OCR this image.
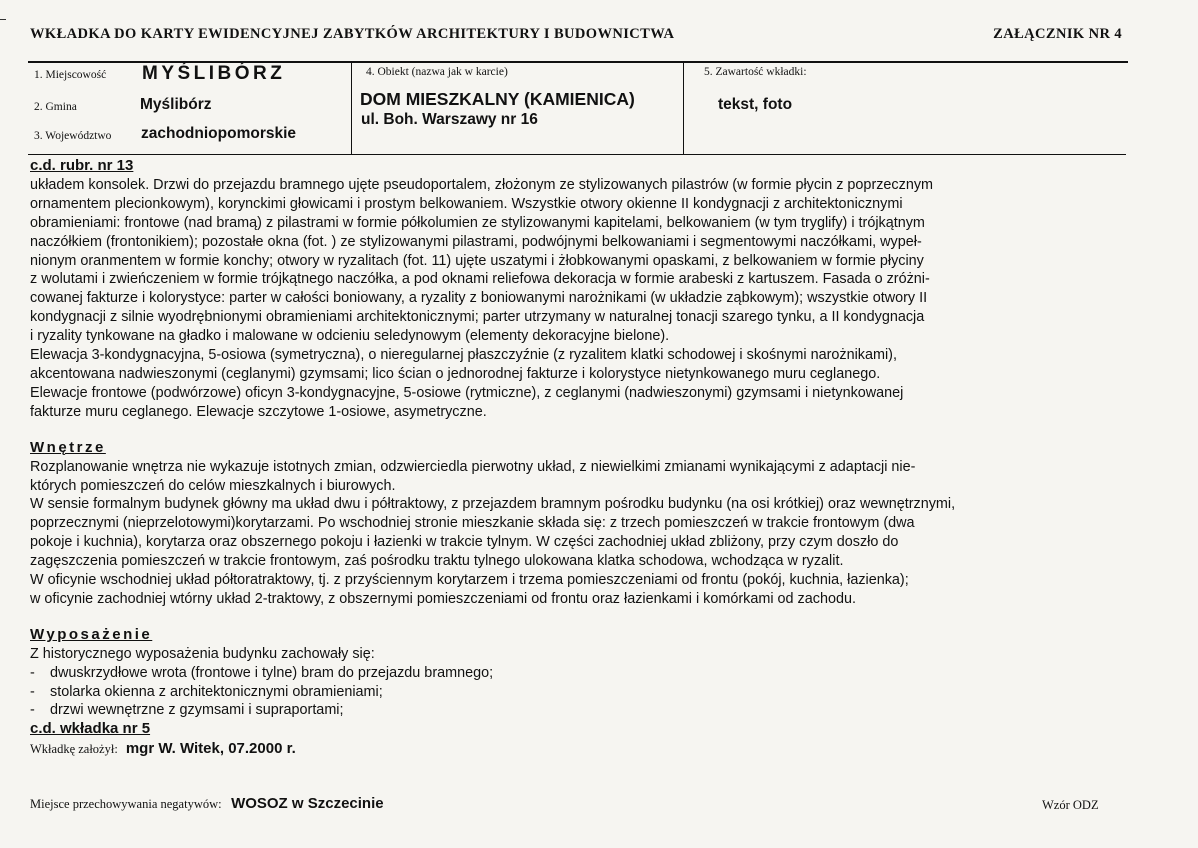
WKŁADKA DO KARTY EWIDENCYJNEJ ZABYTKÓW ARCHITEKTURY I BUDOWNICTWA	ZAŁĄCZNIK NR 4
1. Miejscowość MYŚLIBÓRZ
2. Gmina	Myślibórz
3. Województwo zachodniopomorskie
4. Obiekt (nazwa jak w karcie)
DOM MIESZKALNY (KAMIENICA)
ul. Boh. Warszawy nr 16
5. Zawartość wkładki:
tekst, foto

c.d. rubr. nr 13

układem konsolek. Drzwi do przejazdu bramnego ujęte pseudoportalem, złożonym ze stylizowanych pilastrów (w formie płycin z poprzecznym
ornamentem plecionkowym), korynckimi głowicami i prostym belkowaniem. Wszystkie otwory okienne II kondygnacji z architektonicznymi
obramieniami: frontowe (nad bramą) z pilastrami w formie półkolumien ze stylizowanymi kapitelami, belkowaniem (w tym tryglify) i trójkątnym
naczółkiem (frontonikiem); pozostałe okna (fot. ) ze stylizowanymi pilastrami, podwójnymi belkowaniami i segmentowymi naczółkami, wypeł-
nionym oranmentem w formie konchy; otwory w ryzalitach (fot. 11) ujęte uszatymi i żłobkowanymi opaskami, z belkowaniem w formie płyciny
z wolutami i zwieńczeniem w formie trójkątnego naczółka, a pod oknami reliefowa dekoracja w formie arabeski z kartuszem. Fasada o zróżni-
cowanej fakturze i kolorystyce: parter w całości boniowany, a ryzality z boniowanymi narożnikami (w układzie ząbkowym); wszystkie otwory II
kondygnacji z silnie wyodrębnionymi obramieniami architektonicznymi; parter utrzymany w naturalnej tonacji szarego tynku, a II kondygnacja
i ryzality tynkowane na gładko i malowane w odcieniu seledynowym (elementy dekoracyjne bielone).

Elewacja 3-kondygnacyjna, 5-osiowa (symetryczna), o nieregularnej płaszczyźnie (z ryzalitem klatki schodowej i skośnymi narożnikami),
akcentowana nadwieszonymi (ceglanymi) gzymsami; lico ścian o jednorodnej fakturze i kolorystyce nietynkowanego muru ceglanego.

Elewacje frontowe (podwórzowe) oficyn 3-kondygnacyjne, 5-osiowe (rytmiczne), z ceglanymi (nadwieszonymi) gzymsami i nietynkowanej
fakturze muru ceglanego. Elewacje szczytowe 1-osiowe, asymetryczne.

Wnętrze

Rozplanowanie wnętrza nie wykazuje istotnych zmian, odzwierciedla pierwotny układ, z niewielkimi zmianami wynikającymi z adaptacji nie-
których pomieszczeń do celów mieszkalnych i biurowych.

W sensie formalnym budynek główny ma układ dwu i półtraktowy, z przejazdem bramnym pośrodku budynku (na osi krótkiej) oraz wewnętrznymi,
poprzecznymi (nieprzelotowymi)korytarzami. Po wschodniej stronie mieszkanie składa się: z trzech pomieszczeń w trakcie frontowym (dwa
pokoje i kuchnia), korytarza oraz obszernego pokoju i łazienki w trakcie tylnym. W części zachodniej układ zbliżony, przy czym doszło do
zagęszczenia pomieszczeń w trakcie frontowym, zaś pośrodku traktu tylnego ulokowana klatka schodowa, wchodząca w ryzalit.

W oficynie wschodniej układ półtoratraktowy, tj. z przyściennym korytarzem i trzema pomieszczeniami od frontu (pokój, kuchnia, łazienka);
w oficynie zachodniej wtórny układ 2-traktowy, z obszernymi pomieszczeniami od frontu oraz łazienkami i komórkami od zachodu.

Wyposażenie

Z historycznego wyposażenia budynku zachowały się:

- dwuskrzydłowe wrota (frontowe i tylne) bram do przejazdu bramnego;
- stolarka okienna z architektonicznymi obramieniami;
- drzwi wewnętrzne z gzymsami i supraportami;

c.d. wkładka nr 5

Wkładkę założył: mgr W. Witek, 07.2000 r.

Miejsce przechowywania negatywów: WOSOZ w Szczecinie	Wzór ODZ
